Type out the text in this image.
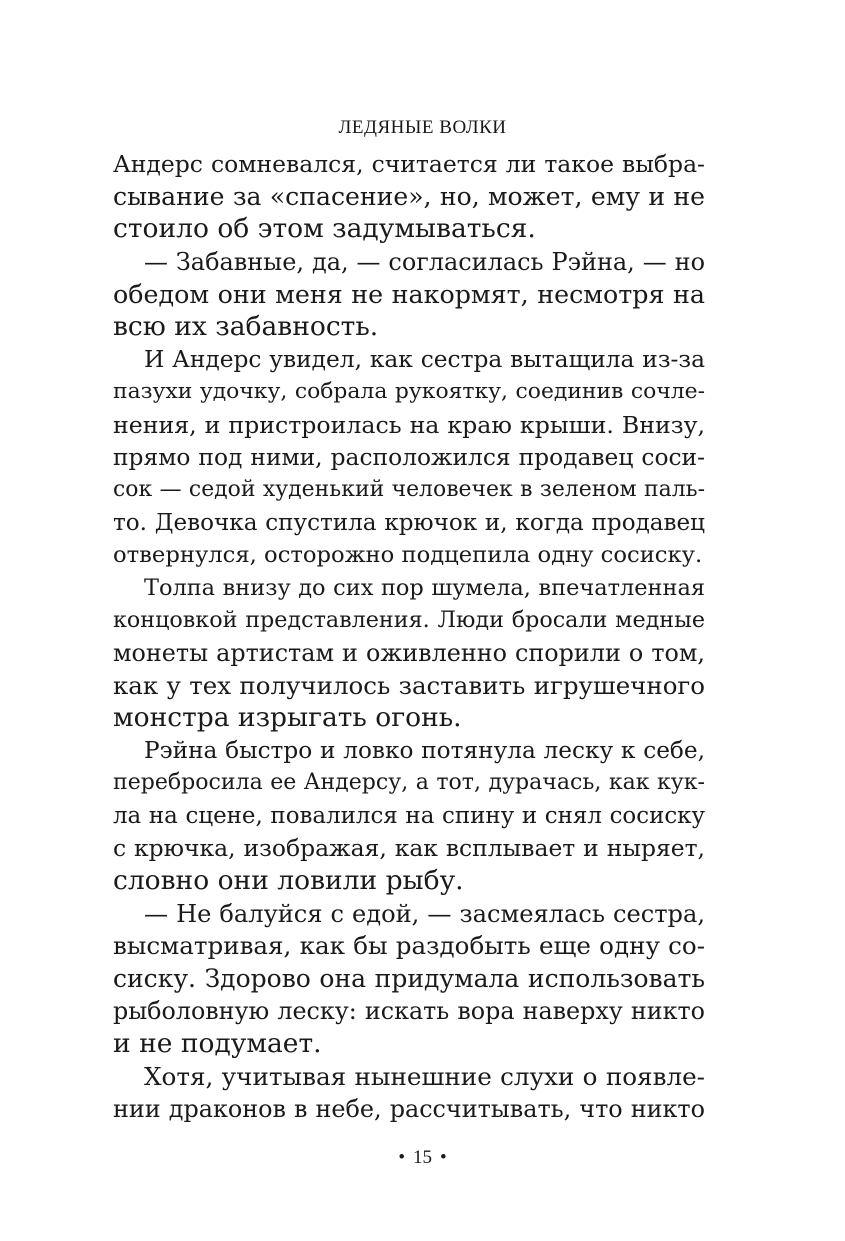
ЛЕДЯНЫЕ ВОЛКИ
Андерс сомневался, считается ли такое выбра-
сывание за «спасение», но, может, ему и не
стоило об этом задумываться.
— Забавные, да, — согласилась Рэйна, — но
обедом они меня не накормят, несмотря на
всю их забавность.
И Андерс увидел, как сестра вытащила из-за
пазухи удочку, собрала рукоятку, соединив сочле-
нения, и пристроилась на краю крыши. Внизу,
прямо под ними, расположился продавец соси-
сок — седой худенький человечек в зеленом паль-
то. Девочка спустила крючок и, когда продавец
отвернулся, осторожно подцепила одну сосиску.
Толпа внизу до сих пор шумела, впечатленная
концовкой представления. Люди бросали медные
монеты артистам и оживленно спорили о том,
как у тех получилось заставить игрушечного
монстра изрыгать огонь.
Рэйна быстро и ловко потянула леску к себе,
перебросила ее Андерсу, а тот, дурачась, как кук-
ла на сцене, повалился на спину и снял сосиску
с крючка, изображая, как всплывает и ныряет,
словно они ловили рыбу.
— Не балуйся с едой, — засмеялась сестра,
высматривая, как бы раздобыть еще одну со-
сиску. Здорово она придумала использовать
рыболовную леску: искать вора наверху никто
и не подумает.
Хотя, учитывая нынешние слухи о появле-
нии драконов в небе, рассчитывать, что никто
• 15 •
